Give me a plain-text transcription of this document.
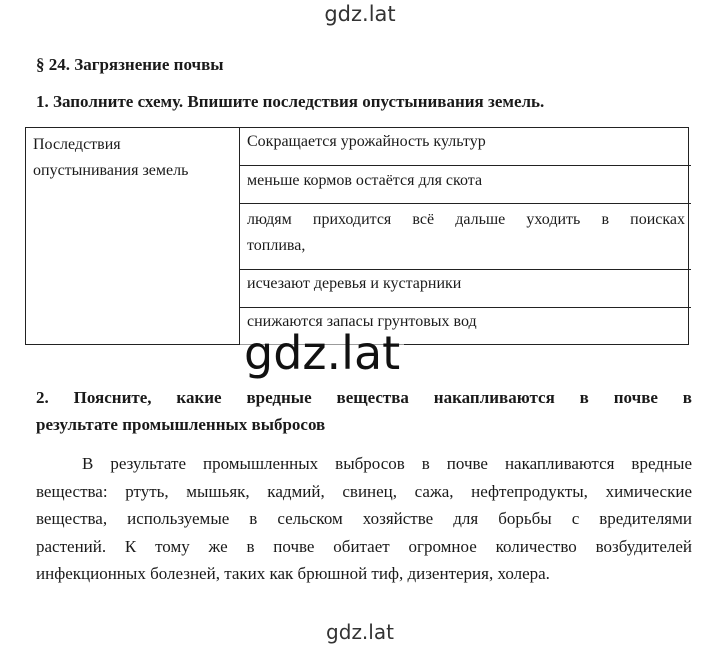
gdz.lat
§ 24. Загрязнение почвы
1. Заполните схему. Впишите последствия опустынивания земель.
Последствия
опустынивания земель
Сокращается урожайность культур
меньше кормов остаётся для скота
людям приходится всё дальше уходить в поисках
топлива,
исчезают деревья и кустарники
снижаются запасы грунтовых вод
gdz.lat
2. Поясните, какие вредные вещества накапливаются в почве в
результате промышленных выбросов
В результате промышленных выбросов в почве накапливаются вредные
вещества: ртуть, мышьяк, кадмий, свинец, сажа, нефтепродукты, химические
вещества, используемые в сельском хозяйстве для борьбы с вредителями
растений. К тому же в почве обитает огромное количество возбудителей
инфекционных болезней, таких как брюшной тиф, дизентерия, холера.
gdz.lat
